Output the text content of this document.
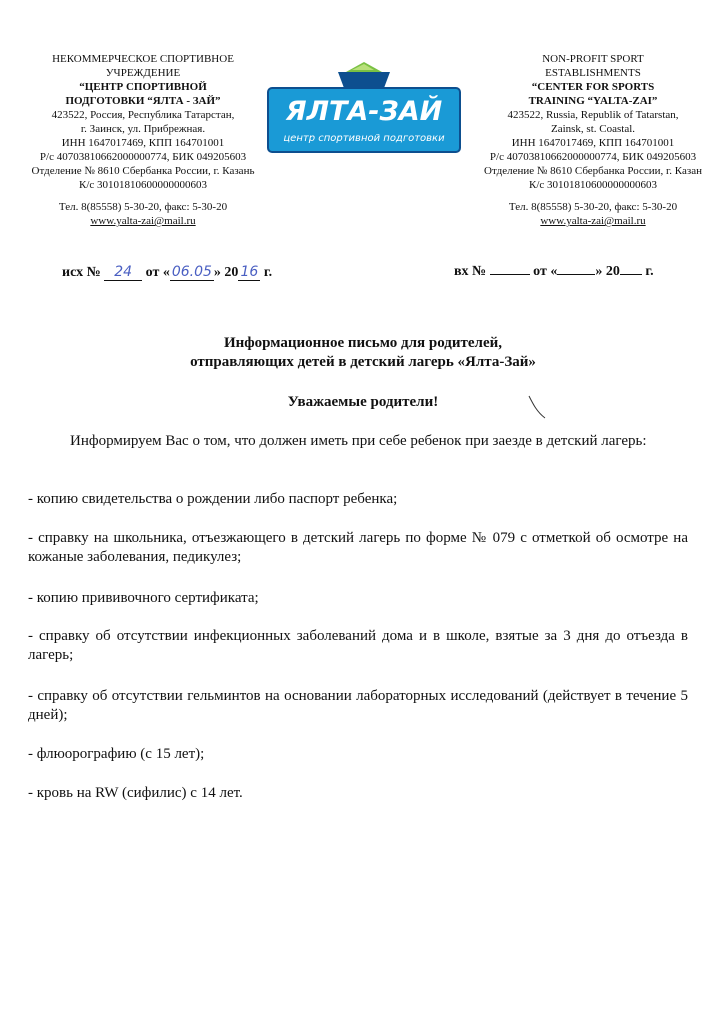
НЕКОММЕРЧЕСКОЕ СПОРТИВНОЕ
УЧРЕЖДЕНИЕ
“ЦЕНТР СПОРТИВНОЙ
ПОДГОТОВКИ “ЯЛТА - ЗАЙ”
423522, Россия, Республика Татарстан,
г. Заинск, ул. Прибрежная.
ИНН 1647017469, КПП 164701001
Р/с 40703810662000000774, БИК 049205603
Отделение № 8610 Сбербанка России, г. Казань
К/с 30101810600000000603
Тел. 8(85558) 5-30-20, факс: 5-30-20
www.yalta-zai@mail.ru
ЯЛТА-ЗАЙ
центр спортивной подготовки
NON-PROFIT SPORT
ESTABLISHMENTS
“CENTER FOR SPORTS
TRAINING “YALTA-ZAI”
423522, Russia, Republik of Tatarstan,
Zainsk, st. Coastal.
ИНН 1647017469, КПП 164701001
Р/с 40703810662000000774, БИК 049205603
Отделение № 8610 Сбербанка России, г. Казан
К/с 30101810600000000603
Тел. 8(85558) 5-30-20, факс: 5-30-20
www.yalta-zai@mail.ru
исх № 24 от « 06.05 » 20 16 г.	вх №	от «	» 20 г.
Информационное письмо для родителей,
отправляющих детей в детский лагерь «Ялта-Зай»
Уважаемые родители!
Информируем Вас о том, что должен иметь при себе ребенок при заезде в детский лагерь:
- копию свидетельства о рождении либо паспорт ребенка;
- справку на школьника, отъезжающего в детский лагерь по форме № 079 с отметкой об осмотре на кожаные заболевания, педикулез;
- копию прививочного сертификата;
- справку об отсутствии инфекционных заболеваний дома и в школе, взятые за 3 дня до отъезда в лагерь;
- справку об отсутствии гельминтов на основании лабораторных исследований (действует в течение 5 дней);
- флюорографию (с 15 лет);
- кровь на RW (сифилис) с 14 лет.
